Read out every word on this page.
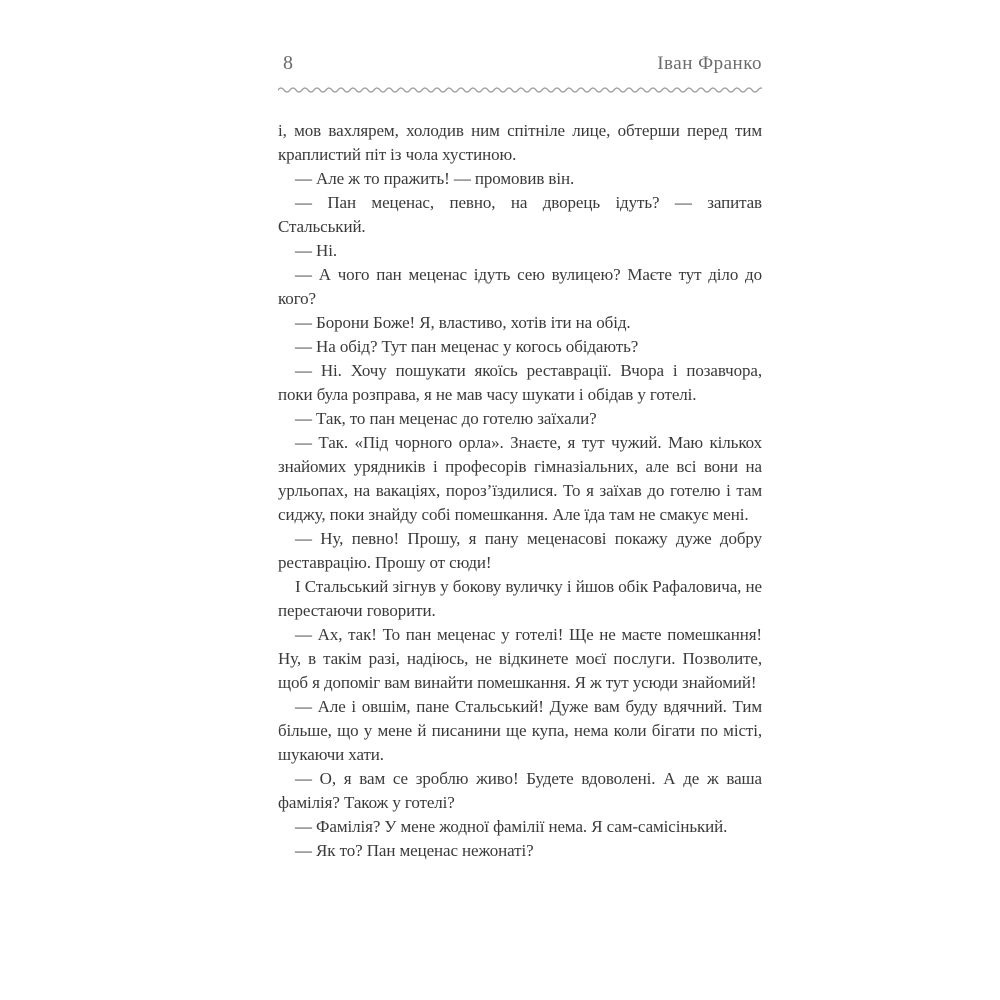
8	Іван Франко

і, мов вахлярем, холодив ним спітніле лице, обтерши перед тим краплистий піт із чола хустиною.

— Але ж то пражить! — промовив він.

— Пан меценас, певно, на дворець ідуть? — запитав Стальський.

— Ні.

— А чого пан меценас ідуть сею вулицею? Маєте тут діло до кого?

— Борони Боже! Я, властиво, хотів іти на обід.

— На обід? Тут пан меценас у когось обідають?

— Ні. Хочу пошукати якоїсь реставрації. Вчора і позавчора, поки була розправа, я не мав часу шукати і обідав у готелі.

— Так, то пан меценас до готелю заїхали?

— Так. «Під чорного орла». Знаєте, я тут чужий. Маю кількох знайомих урядників і професорів гімназіальних, але всі вони на урльопах, на вакаціях, пороз’їздилися. То я заїхав до готелю і там сиджу, поки знайду собі помешкання. Але їда там не смакує мені.

— Ну, певно! Прошу, я пану меценасові покажу дуже добру реставрацію. Прошу от сюди!

І Стальський зігнув у бокову вуличку і йшов обік Рафаловича, не перестаючи говорити.

— Ах, так! То пан меценас у готелі! Ще не маєте помешкання! Ну, в такім разі, надіюсь, не відкинете моєї послуги. Позволите, щоб я допоміг вам винайти помешкання. Я ж тут усюди знайомий!

— Але і овшім, пане Стальський! Дуже вам буду вдячний. Тим більше, що у мене й писанини ще купа, нема коли бігати по місті, шукаючи хати.

— О, я вам се зроблю живо! Будете вдоволені. А де ж ваша фамілія? Також у готелі?

— Фамілія? У мене жодної фамілії нема. Я сам-самісінький.

— Як то? Пан меценас нежонаті?
